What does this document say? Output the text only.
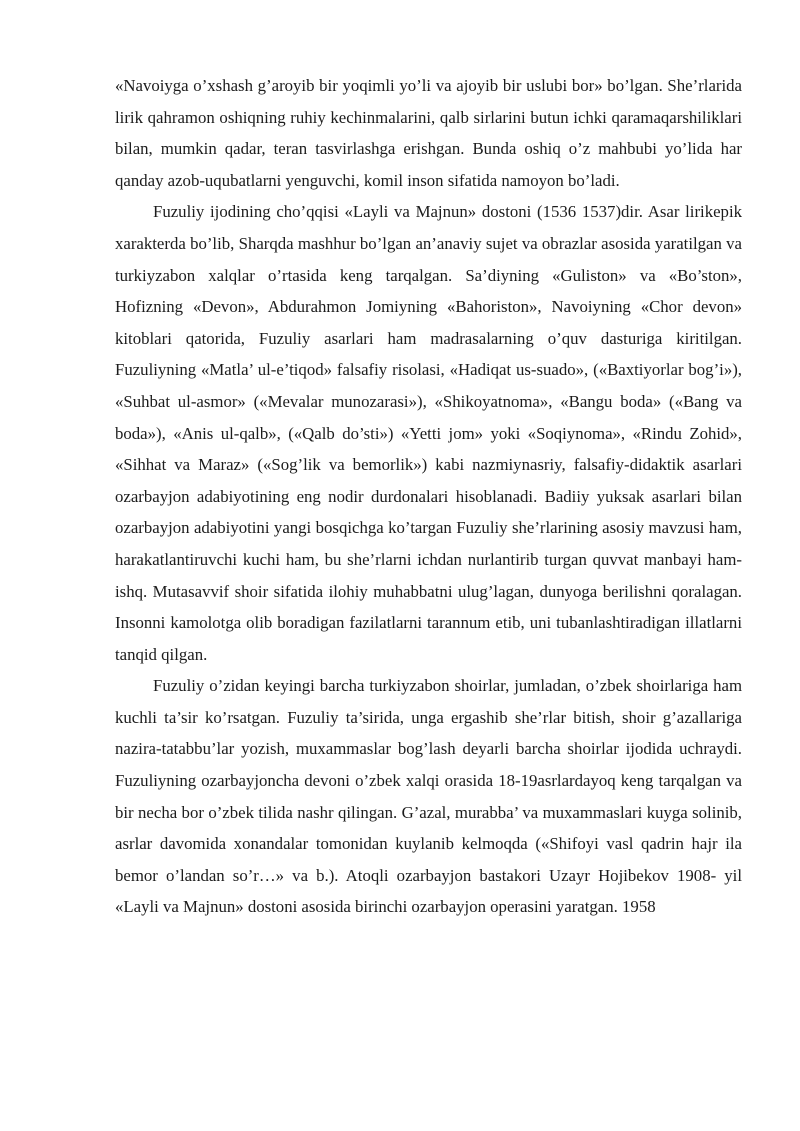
«Navoiyga o’xshash g’aroyib bir yoqimli yo’li va ajoyib bir uslubi bor» bo’lgan. She’rlarida lirik qahramon oshiqning ruhiy kechinmalarini, qalb sirlarini butun ichki qaramaqarshiliklari bilan, mumkin qadar, teran tasvirlashga erishgan. Bunda oshiq o’z mahbubi yo’lida har qanday azob-uqubatlarni yenguvchi, komil inson sifatida namoyon bo’ladi.

Fuzuliy ijodining cho’qqisi «Layli va Majnun» dostoni (1536 1537)dir. Asar lirikepik xarakterda bo’lib, Sharqda mashhur bo’lgan an’anaviy sujet va obrazlar asosida yaratilgan va turkiyzabon xalqlar o’rtasida keng tarqalgan. Sa’diyning «Guliston» va «Bo’ston», Hofizning «Devon», Abdurahmon Jomiyning «Bahoriston», Navoiyning «Chor devon» kitoblari qatorida, Fuzuliy asarlari ham madrasalarning o’quv dasturiga kiritilgan. Fuzuliyning «Matla’ ul-e’tiqod» falsafiy risolasi, «Hadiqat us-suado», («Baxtiyorlar bog’i»), «Suhbat ul-asmor» («Mevalar munozarasi»), «Shikoyatnoma», «Bangu boda» («Bang va boda»), «Anis ul-qalb», («Qalb do’sti») «Yetti jom» yoki «Soqiynoma», «Rindu Zohid», «Sihhat va Maraz» («Sog’lik va bemorlik») kabi nazmiynasriy, falsafiy-didaktik asarlari ozarbayjon adabiyotining eng nodir durdonalari hisoblanadi. Badiiy yuksak asarlari bilan ozarbayjon adabiyotini yangi bosqichga ko’targan Fuzuliy she’rlarining asosiy mavzusi ham, harakatlantiruvchi kuchi ham, bu she’rlarni ichdan nurlantirib turgan quvvat manbayi ham- ishq. Mutasavvif shoir sifatida ilohiy muhabbatni ulug’lagan, dunyoga berilishni qoralagan. Insonni kamolotga olib boradigan fazilatlarni tarannum etib, uni tubanlashtiradigan illatlarni tanqid qilgan.

Fuzuliy o’zidan keyingi barcha turkiyzabon shoirlar, jumladan, o’zbek shoirlariga ham kuchli ta’sir ko’rsatgan. Fuzuliy ta’sirida, unga ergashib she’rlar bitish, shoir g’azallariga nazira-tatabbu’lar yozish, muxammaslar bog’lash deyarli barcha shoirlar ijodida uchraydi. Fuzuliyning ozarbayjoncha devoni o’zbek xalqi orasida 18-19asrlardayoq keng tarqalgan va bir necha bor o’zbek tilida nashr qilingan. G’azal, murabba’ va muxammaslari kuyga solinib, asrlar davomida xonandalar tomonidan kuylanib kelmoqda («Shifoyi vasl qadrin hajr ila bemor o’landan so’r…» va b.). Atoqli ozarbayjon bastakori Uzayr Hojibekov 1908- yil «Layli va Majnun» dostoni asosida birinchi ozarbayjon operasini yaratgan. 1958
